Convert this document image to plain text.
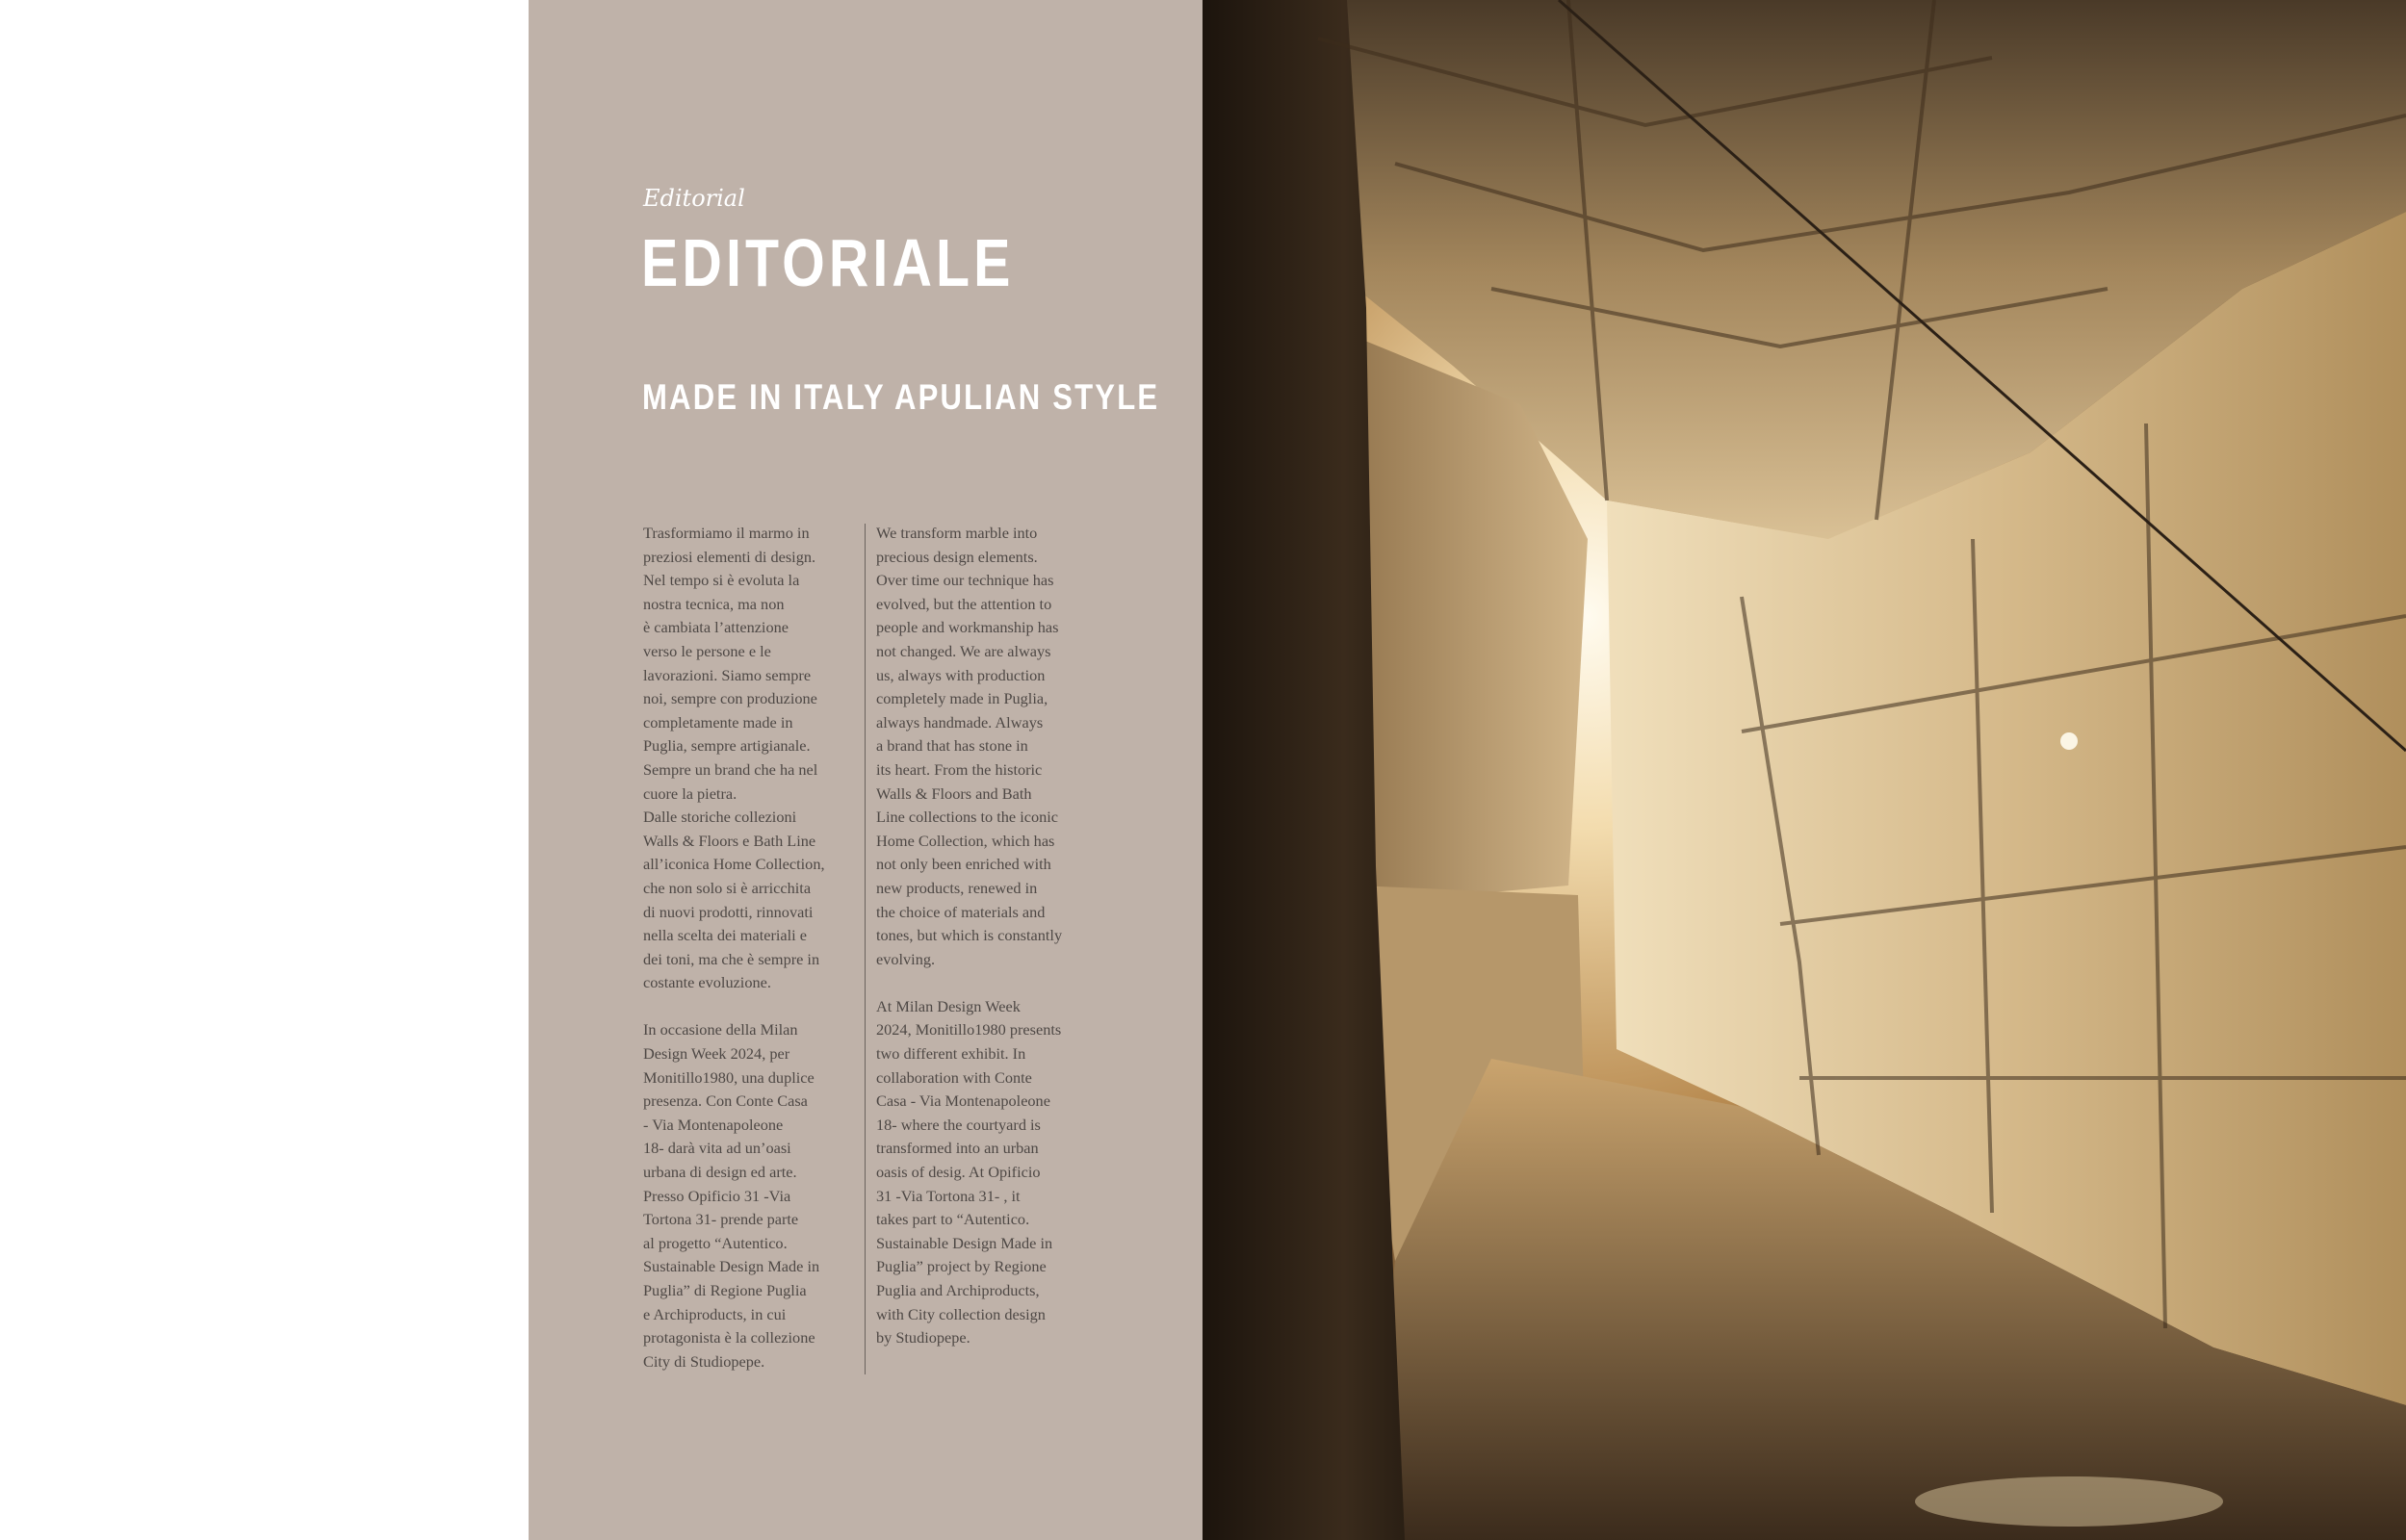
Editorial

EDITORIALE
MADE IN ITALY APULIAN STYLE

Trasformiamo il marmo in
preziosi elementi di design.
Nel tempo si è evoluta la
nostra tecnica, ma non
è cambiata l’attenzione
verso le persone e le
lavorazioni. Siamo sempre
noi, sempre con produzione
completamente made in
Puglia, sempre artigianale.
Sempre un brand che ha nel
cuore la pietra.
Dalle storiche collezioni
Walls & Floors e Bath Line
all’iconica Home Collection,
che non solo si è arricchita
di nuovi prodotti, rinnovati
nella scelta dei materiali e
dei toni, ma che è sempre in
costante evoluzione.

In occasione della Milan
Design Week 2024, per
Monitillo1980, una duplice
presenza. Con Conte Casa
- Via Montenapoleone
18- darà vita ad un’oasi
urbana di design ed arte.
Presso Opificio 31 -Via
Tortona 31- prende parte
al progetto “Autentico.
Sustainable Design Made in
Puglia” di Regione Puglia
e Archiproducts, in cui
protagonista è la collezione
City di Studiopepe.

We transform marble into
precious design elements.
Over time our technique has
evolved, but the attention to
people and workmanship has
not changed. We are always
us, always with production
completely made in Puglia,
always handmade. Always
a brand that has stone in
its heart. From the historic
Walls & Floors and Bath
Line collections to the iconic
Home Collection, which has
not only been enriched with
new products, renewed in
the choice of materials and
tones, but which is constantly
evolving.

At Milan Design Week
2024, Monitillo1980 presents
two different exhibit. In
collaboration with Conte
Casa - Via Montenapoleone
18- where the courtyard is
transformed into an urban
oasis of desig. At Opificio
31 -Via Tortona 31- , it
takes part to “Autentico.
Sustainable Design Made in
Puglia” project by Regione
Puglia and Archiproducts,
with City collection design
by Studiopepe.
